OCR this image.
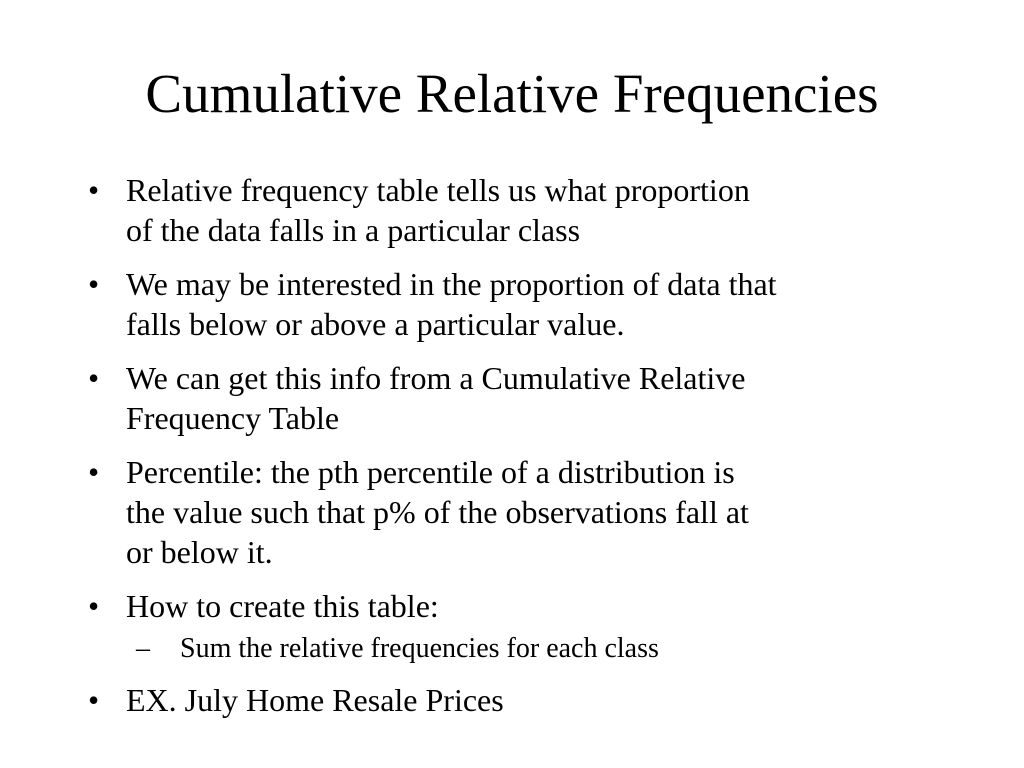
Cumulative Relative Frequencies
• Relative frequency table tells us what proportion
of the data falls in a particular class
• We may be interested in the proportion of data that
falls below or above a particular value.
• We can get this info from a Cumulative Relative
Frequency Table
• Percentile: the pth percentile of a distribution is
the value such that p% of the observations fall at
or below it.
• How to create this table:
–	Sum the relative frequencies for each class
• EX. July Home Resale Prices
